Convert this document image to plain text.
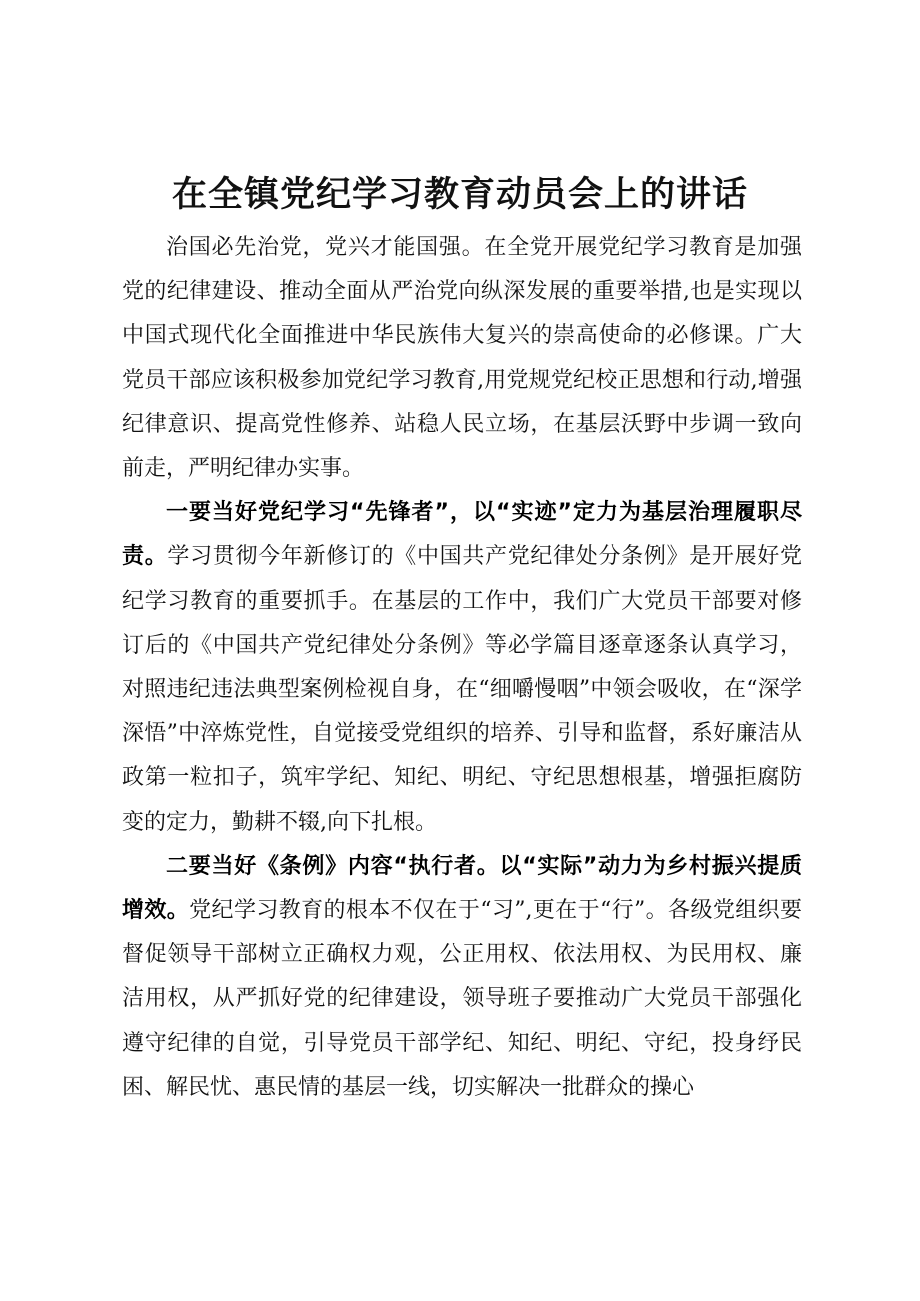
在全镇党纪学习教育动员会上的讲话

治国必先治党，党兴才能国强。在全党开展党纪学习教育是加强党的纪律建设、推动全面从严治党向纵深发展的重要举措,也是实现以中国式现代化全面推进中华民族伟大复兴的崇高使命的必修课。广大党员干部应该积极参加党纪学习教育,用党规党纪校正思想和行动,增强纪律意识、提高党性修养、站稳人民立场，在基层沃野中步调一致向前走，严明纪律办实事。

一要当好党纪学习“先锋者”，以“实迹”定力为基层治理履职尽责。学习贯彻今年新修订的《中国共产党纪律处分条例》是开展好党纪学习教育的重要抓手。在基层的工作中，我们广大党员干部要对修订后的《中国共产党纪律处分条例》等必学篇目逐章逐条认真学习，对照违纪违法典型案例检视自身，在“细嚼慢咽”中领会吸收，在“深学深悟”中淬炼党性，自觉接受党组织的培养、引导和监督，系好廉洁从政第一粒扣子，筑牢学纪、知纪、明纪、守纪思想根基，增强拒腐防变的定力，勤耕不辍,向下扎根。

二要当好《条例》内容“执行者。以“实际”动力为乡村振兴提质增效。党纪学习教育的根本不仅在于“习”,更在于“行”。各级党组织要督促领导干部树立正确权力观，公正用权、依法用权、为民用权、廉洁用权，从严抓好党的纪律建设，领导班子要推动广大党员干部强化遵守纪律的自觉，引导党员干部学纪、知纪、明纪、守纪，投身纾民困、解民忧、惠民情的基层一线，切实解决一批群众的操心
